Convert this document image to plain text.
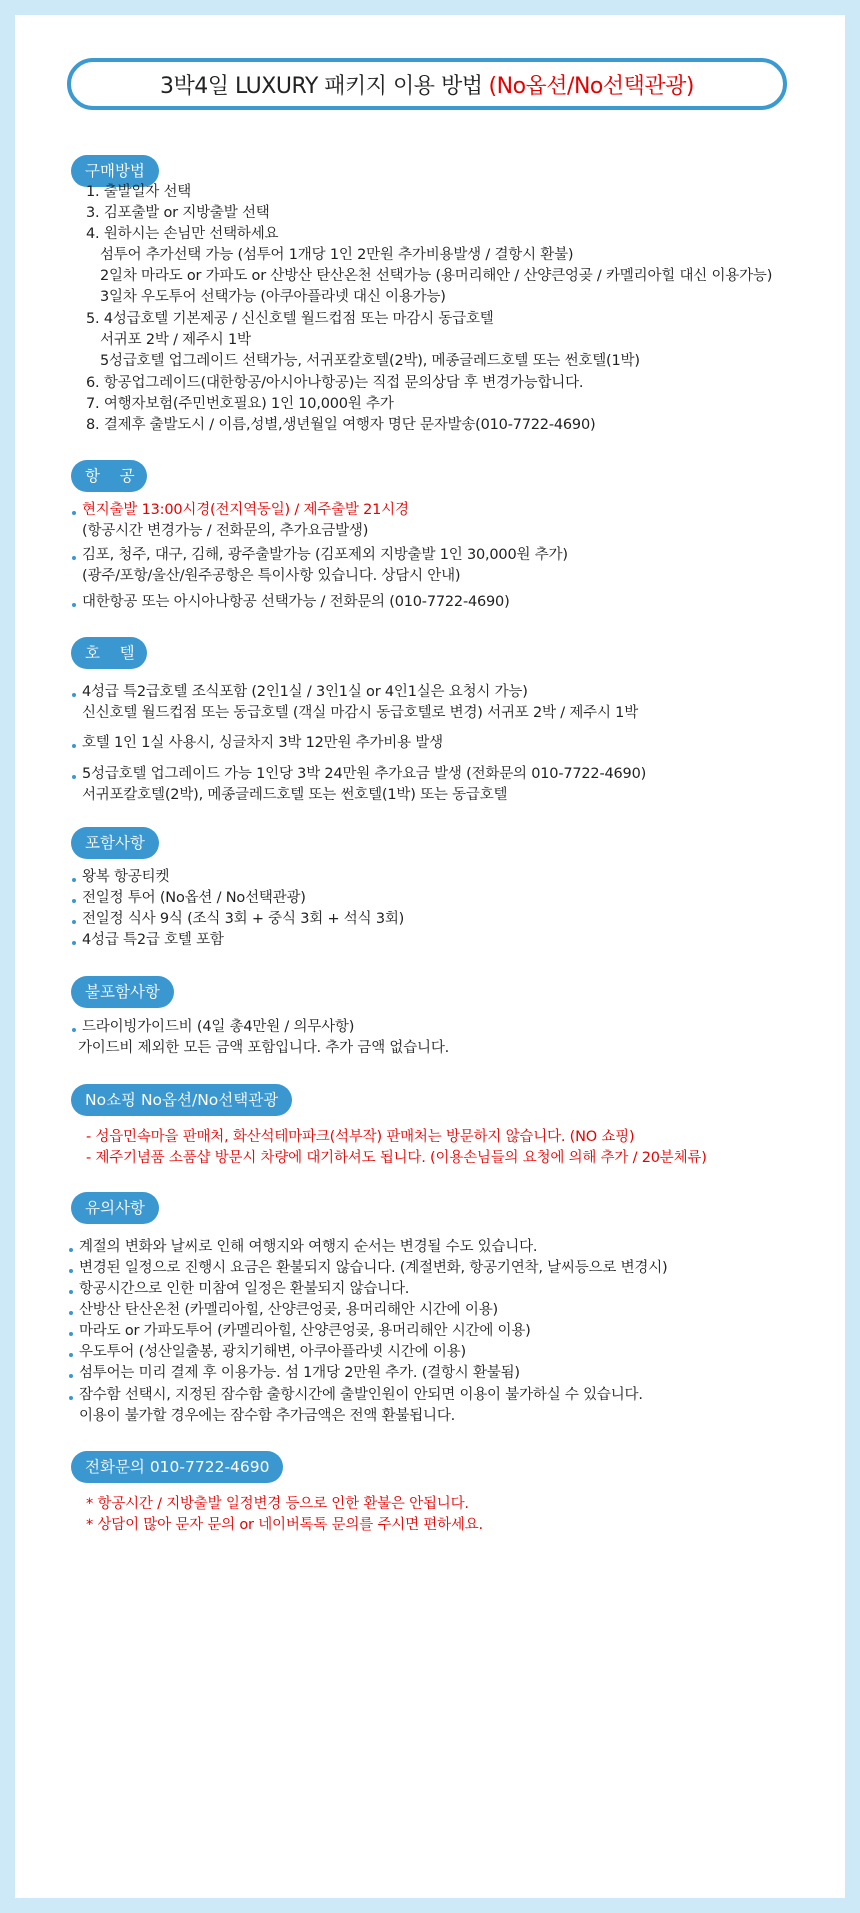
3박4일 LUXURY 패키지 이용 방법 (No옵션/No선택관광)
구매방법
1. 출발일자 선택
3. 김포출발 or 지방출발 선택
4. 원하시는 손님만 선택하세요
섬투어 추가선택 가능 (섬투어 1개당 1인 2만원 추가비용발생 / 결항시 환불)
2일차 마라도 or 가파도 or 산방산 탄산온천 선택가능 (용머리해안 / 산양큰엉곶 / 카멜리아힐 대신 이용가능)
3일차 우도투어 선택가능 (아쿠아플라넷 대신 이용가능)
5. 4성급호텔 기본제공 / 신신호텔 월드컵점 또는 마감시 동급호텔
서귀포 2박 / 제주시 1박
5성급호텔 업그레이드 선택가능, 서귀포칼호텔(2박), 메종글레드호텔 또는 썬호텔(1박)
6. 항공업그레이드(대한항공/아시아나항공)는 직접 문의상담 후 변경가능합니다.
7. 여행자보험(주민번호필요) 1인 10,000원 추가
8. 결제후 출발도시 / 이름,성별,생년월일 여행자 명단 문자발송(010-7722-4690)
항    공
현지출발 13:00시경(전지역동일) / 제주출발 21시경
(항공시간 변경가능 / 전화문의, 추가요금발생)
김포, 청주, 대구, 김해, 광주출발가능 (김포제외 지방출발 1인 30,000원 추가)
(광주/포항/울산/원주공항은 특이사항 있습니다. 상담시 안내)
대한항공 또는 아시아나항공 선택가능 / 전화문의 (010-7722-4690)
호    텔
4성급 특2급호텔 조식포함 (2인1실 / 3인1실 or 4인1실은 요청시 가능)
신신호텔 월드컵점 또는 동급호텔 (객실 마감시 동급호텔로 변경) 서귀포 2박 / 제주시 1박
호텔 1인 1실 사용시, 싱글차지 3박 12만원 추가비용 발생
5성급호텔 업그레이드 가능 1인당 3박 24만원 추가요금 발생 (전화문의 010-7722-4690)
서귀포칼호텔(2박), 메종글레드호텔 또는 썬호텔(1박) 또는 동급호텔
포함사항
왕복 항공티켓
전일정 투어 (No옵션 / No선택관광)
전일정 식사 9식 (조식 3회 + 중식 3회 + 석식 3회)
4성급 특2급 호텔 포함
불포함사항
드라이빙가이드비 (4일 총4만원 / 의무사항)
가이드비 제외한 모든 금액 포함입니다. 추가 금액 없습니다.
No쇼핑 No옵션/No선택관광
- 성읍민속마을 판매처, 화산석테마파크(석부작) 판매처는 방문하지 않습니다. (NO 쇼핑)
- 제주기념품 소품샵 방문시 차량에 대기하셔도 됩니다. (이용손님들의 요청에 의해 추가 / 20분체류)
유의사항
계절의 변화와 날씨로 인해 여행지와 여행지 순서는 변경될 수도 있습니다.
변경된 일정으로 진행시 요금은 환불되지 않습니다. (계절변화, 항공기연착, 날씨등으로 변경시)
항공시간으로 인한 미참여 일정은 환불되지 않습니다.
산방산 탄산온천 (카멜리아힐, 산양큰엉곶, 용머리해안 시간에 이용)
마라도 or 가파도투어 (카멜리아힐, 산양큰엉곶, 용머리해안 시간에 이용)
우도투어 (성산일출봉, 광치기해변, 아쿠아플라넷 시간에 이용)
섬투어는 미리 결제 후 이용가능. 섬 1개당 2만원 추가. (결항시 환불됨)
잠수함 선택시, 지정된 잠수함 출항시간에 출발인원이 안되면 이용이 불가하실 수 있습니다.
이용이 불가할 경우에는 잠수함 추가금액은 전액 환불됩니다.
전화문의 010-7722-4690
* 항공시간 / 지방출발 일정변경 등으로 인한 환불은 안됩니다.
* 상담이 많아 문자 문의 or 네이버톡톡 문의를 주시면 편하세요.
